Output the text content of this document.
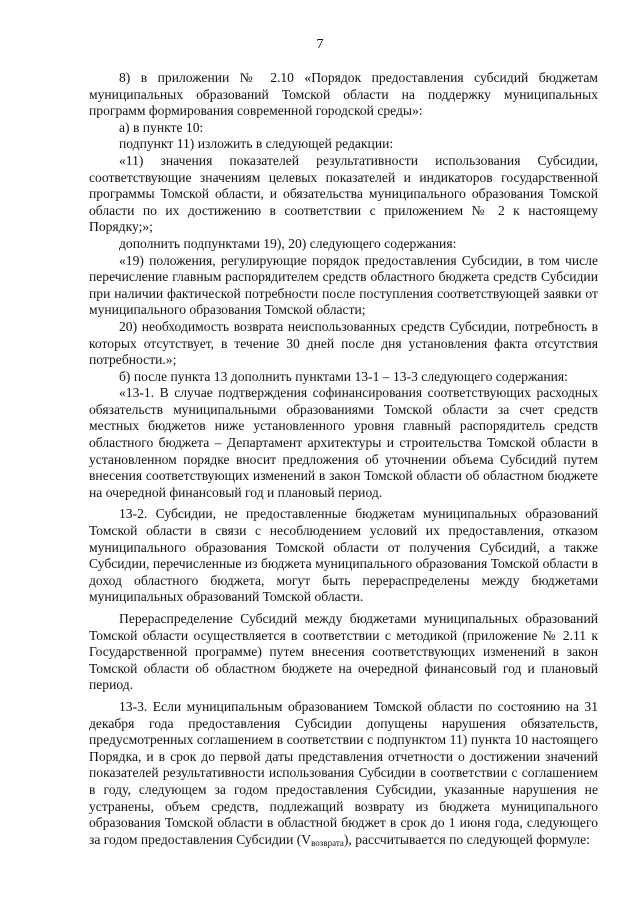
7

8) в приложении № 2.10 «Порядок предоставления субсидий бюджетам муниципальных образований Томской области на поддержку муниципальных программ формирования современной городской среды»:

а) в пункте 10:

подпункт 11) изложить в следующей редакции:

«11) значения показателей результативности использования Субсидии, соответствующие значениям целевых показателей и индикаторов государственной программы Томской области, и обязательства муниципального образования Томской области по их достижению в соответствии с приложением № 2 к настоящему Порядку;»;

дополнить подпунктами 19), 20) следующего содержания:

«19) положения, регулирующие порядок предоставления Субсидии, в том числе перечисление главным распорядителем средств областного бюджета средств Субсидии при наличии фактической потребности после поступления соответствующей заявки от муниципального образования Томской области;

20) необходимость возврата неиспользованных средств Субсидии, потребность в которых отсутствует, в течение 30 дней после дня установления факта отсутствия потребности.»;

б) после пункта 13 дополнить пунктами 13-1 – 13-3 следующего содержания:

«13-1. В случае подтверждения софинансирования соответствующих расходных обязательств муниципальными образованиями Томской области за счет средств местных бюджетов ниже установленного уровня главный распорядитель средств областного бюджета – Департамент архитектуры и строительства Томской области в установленном порядке вносит предложения об уточнении объема Субсидий путем внесения соответствующих изменений в закон Томской области об областном бюджете на очередной финансовый год и плановый период.

13-2. Субсидии, не предоставленные бюджетам муниципальных образований Томской области в связи с несоблюдением условий их предоставления, отказом муниципального образования Томской области от получения Субсидий, а также Субсидии, перечисленные из бюджета муниципального образования Томской области в доход областного бюджета, могут быть перераспределены между бюджетами муниципальных образований Томской области.

Перераспределение Субсидий между бюджетами муниципальных образований Томской области осуществляется в соответствии с методикой (приложение № 2.11 к Государственной программе) путем внесения соответствующих изменений в закон Томской области об областном бюджете на очередной финансовый год и плановый период.

13-3. Если муниципальным образованием Томской области по состоянию на 31 декабря года предоставления Субсидии допущены нарушения обязательств, предусмотренных соглашением в соответствии с подпунктом 11) пункта 10 настоящего Порядка, и в срок до первой даты представления отчетности о достижении значений показателей результативности использования Субсидии в соответствии с соглашением в году, следующем за годом предоставления Субсидии, указанные нарушения не устранены, объем средств, подлежащий возврату из бюджета муниципального образования Томской области в областной бюджет в срок до 1 июня года, следующего за годом предоставления Субсидии $(V_{возврата})$, рассчитывается по следующей формуле:
